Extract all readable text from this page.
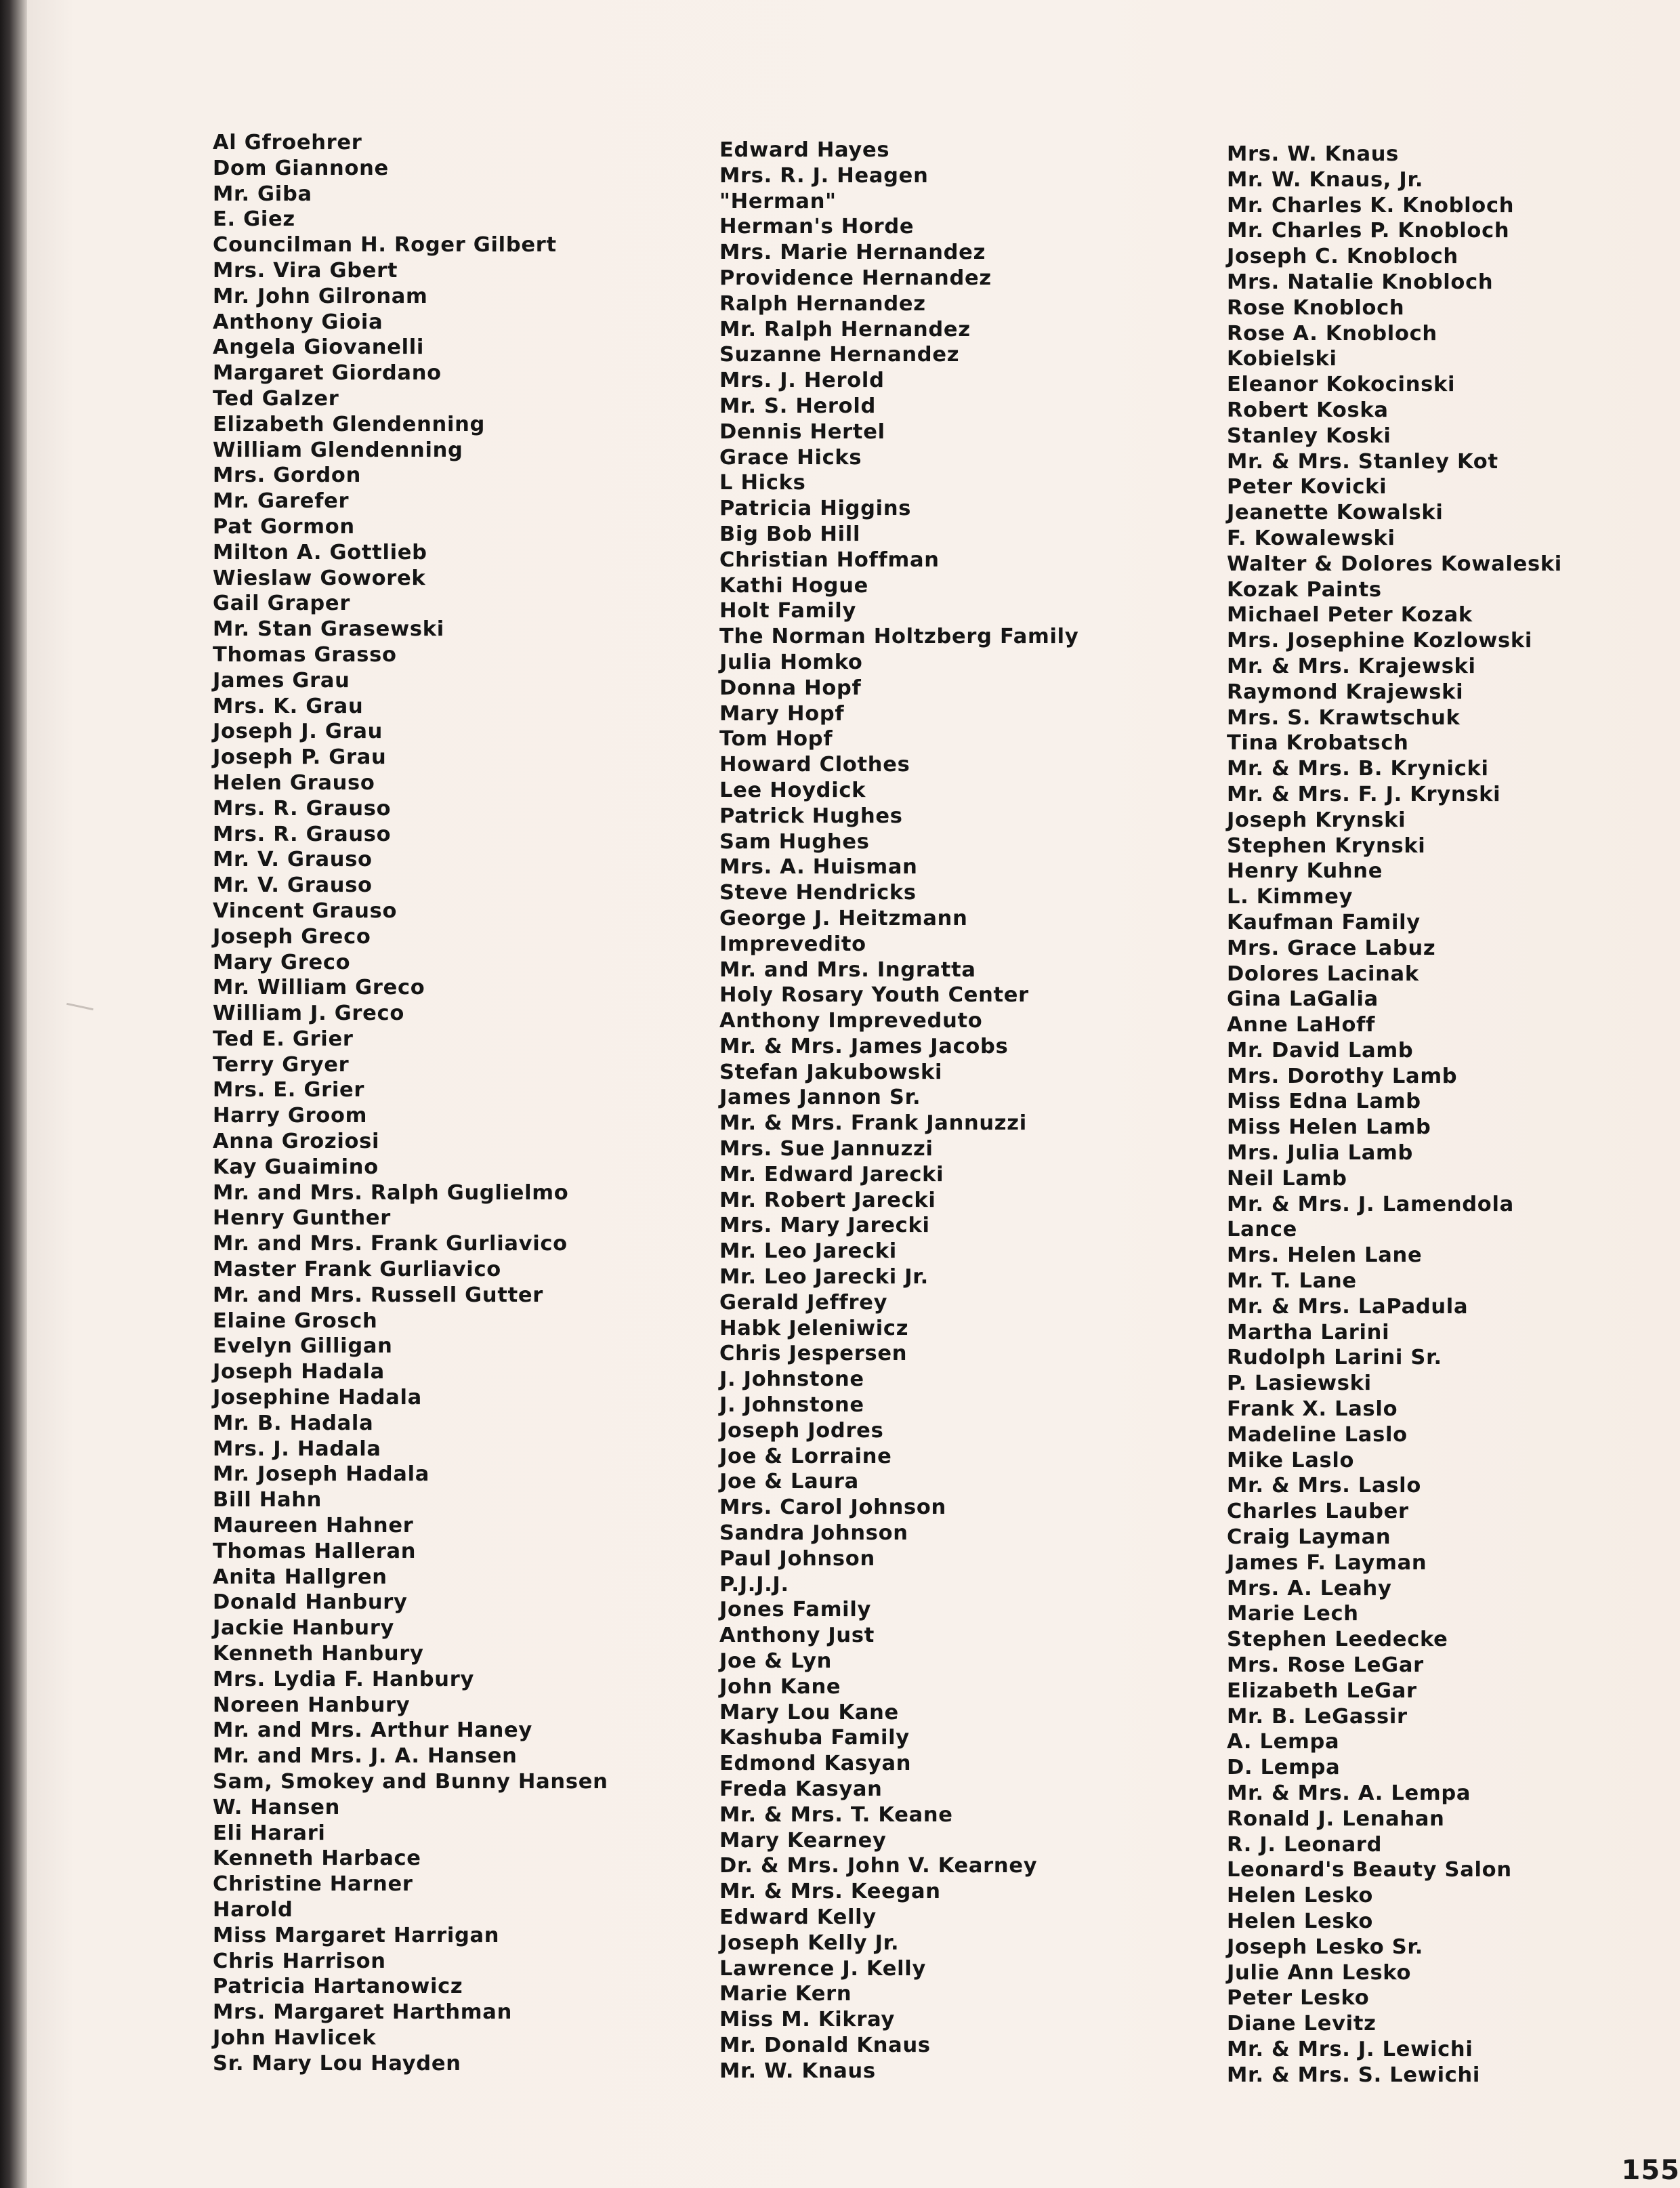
Al Gfroehrer
Dom Giannone
Mr. Giba
E. Giez
Councilman H. Roger Gilbert
Mrs. Vira Gbert
Mr. John Gilronam
Anthony Gioia
Angela Giovanelli
Margaret Giordano
Ted Galzer
Elizabeth Glendenning
William Glendenning
Mrs. Gordon
Mr. Garefer
Pat Gormon
Milton A. Gottlieb
Wieslaw Goworek
Gail Graper
Mr. Stan Grasewski
Thomas Grasso
James Grau
Mrs. K. Grau
Joseph J. Grau
Joseph P. Grau
Helen Grauso
Mrs. R. Grauso
Mrs. R. Grauso
Mr. V. Grauso
Mr. V. Grauso
Vincent Grauso
Joseph Greco
Mary Greco
Mr. William Greco
William J. Greco
Ted E. Grier
Terry Gryer
Mrs. E. Grier
Harry Groom
Anna Groziosi
Kay Guaimino
Mr. and Mrs. Ralph Guglielmo
Henry Gunther
Mr. and Mrs. Frank Gurliavico
Master Frank Gurliavico
Mr. and Mrs. Russell Gutter
Elaine Grosch
Evelyn Gilligan
Joseph Hadala
Josephine Hadala
Mr. B. Hadala
Mrs. J. Hadala
Mr. Joseph Hadala
Bill Hahn
Maureen Hahner
Thomas Halleran
Anita Hallgren
Donald Hanbury
Jackie Hanbury
Kenneth Hanbury
Mrs. Lydia F. Hanbury
Noreen Hanbury
Mr. and Mrs. Arthur Haney
Mr. and Mrs. J. A. Hansen
Sam, Smokey and Bunny Hansen
W. Hansen
Eli Harari
Kenneth Harbace
Christine Harner
Harold
Miss Margaret Harrigan
Chris Harrison
Patricia Hartanowicz
Mrs. Margaret Harthman
John Havlicek
Sr. Mary Lou Hayden
Edward Hayes
Mrs. R. J. Heagen
"Herman"
Herman's Horde
Mrs. Marie Hernandez
Providence Hernandez
Ralph Hernandez
Mr. Ralph Hernandez
Suzanne Hernandez
Mrs. J. Herold
Mr. S. Herold
Dennis Hertel
Grace Hicks
L Hicks
Patricia Higgins
Big Bob Hill
Christian Hoffman
Kathi Hogue
Holt Family
The Norman Holtzberg Family
Julia Homko
Donna Hopf
Mary Hopf
Tom Hopf
Howard Clothes
Lee Hoydick
Patrick Hughes
Sam Hughes
Mrs. A. Huisman
Steve Hendricks
George J. Heitzmann
Imprevedito
Mr. and Mrs. Ingratta
Holy Rosary Youth Center
Anthony Impreveduto
Mr. & Mrs. James Jacobs
Stefan Jakubowski
James Jannon Sr.
Mr. & Mrs. Frank Jannuzzi
Mrs. Sue Jannuzzi
Mr. Edward Jarecki
Mr. Robert Jarecki
Mrs. Mary Jarecki
Mr. Leo Jarecki
Mr. Leo Jarecki Jr.
Gerald Jeffrey
Habk Jeleniwicz
Chris Jespersen
J. Johnstone
J. Johnstone
Joseph Jodres
Joe & Lorraine
Joe & Laura
Mrs. Carol Johnson
Sandra Johnson
Paul Johnson
P.J.J.J.
Jones Family
Anthony Just
Joe & Lyn
John Kane
Mary Lou Kane
Kashuba Family
Edmond Kasyan
Freda Kasyan
Mr. & Mrs. T. Keane
Mary Kearney
Dr. & Mrs. John V. Kearney
Mr. & Mrs. Keegan
Edward Kelly
Joseph Kelly Jr.
Lawrence J. Kelly
Marie Kern
Miss M. Kikray
Mr. Donald Knaus
Mr. W. Knaus
Mrs. W. Knaus
Mr. W. Knaus, Jr.
Mr. Charles K. Knobloch
Mr. Charles P. Knobloch
Joseph C. Knobloch
Mrs. Natalie Knobloch
Rose Knobloch
Rose A. Knobloch
Kobielski
Eleanor Kokocinski
Robert Koska
Stanley Koski
Mr. & Mrs. Stanley Kot
Peter Kovicki
Jeanette Kowalski
F. Kowalewski
Walter & Dolores Kowaleski
Kozak Paints
Michael Peter Kozak
Mrs. Josephine Kozlowski
Mr. & Mrs. Krajewski
Raymond Krajewski
Mrs. S. Krawtschuk
Tina Krobatsch
Mr. & Mrs. B. Krynicki
Mr. & Mrs. F. J. Krynski
Joseph Krynski
Stephen Krynski
Henry Kuhne
L. Kimmey
Kaufman Family
Mrs. Grace Labuz
Dolores Lacinak
Gina LaGalia
Anne LaHoff
Mr. David Lamb
Mrs. Dorothy Lamb
Miss Edna Lamb
Miss Helen Lamb
Mrs. Julia Lamb
Neil Lamb
Mr. & Mrs. J. Lamendola
Lance
Mrs. Helen Lane
Mr. T. Lane
Mr. & Mrs. LaPadula
Martha Larini
Rudolph Larini Sr.
P. Lasiewski
Frank X. Laslo
Madeline Laslo
Mike Laslo
Mr. & Mrs. Laslo
Charles Lauber
Craig Layman
James F. Layman
Mrs. A. Leahy
Marie Lech
Stephen Leedecke
Mrs. Rose LeGar
Elizabeth LeGar
Mr. B. LeGassir
A. Lempa
D. Lempa
Mr. & Mrs. A. Lempa
Ronald J. Lenahan
R. J. Leonard
Leonard's Beauty Salon
Helen Lesko
Helen Lesko
Joseph Lesko Sr.
Julie Ann Lesko
Peter Lesko
Diane Levitz
Mr. & Mrs. J. Lewichi
Mr. & Mrs. S. Lewichi
155
